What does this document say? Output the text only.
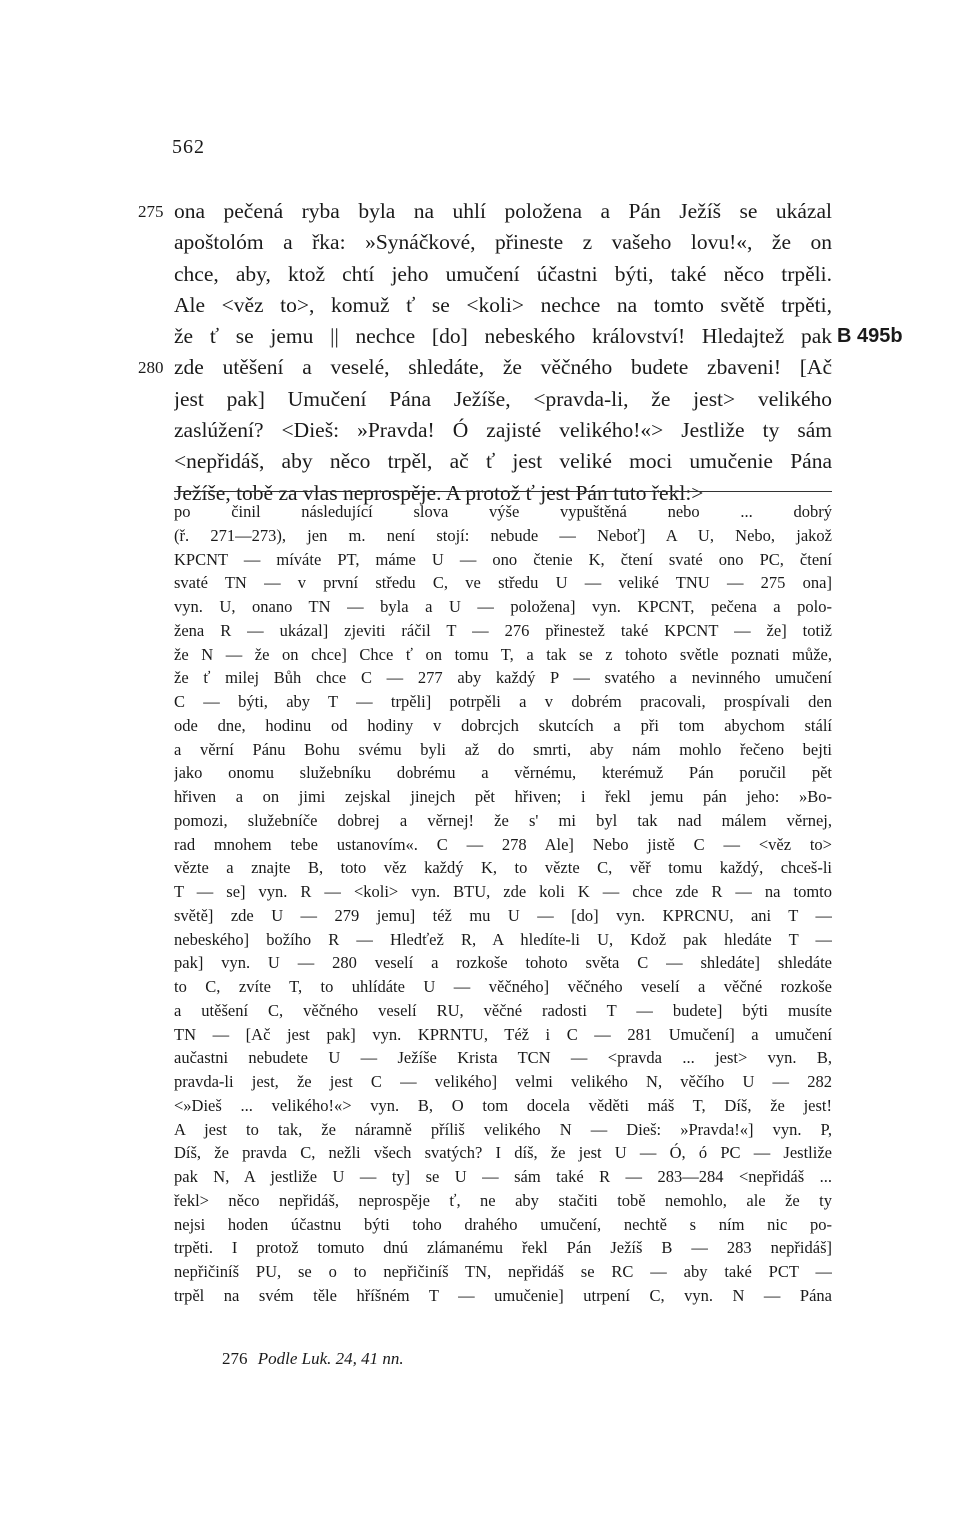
562
275 ona pečená ryba byla na uhlí položena a Pán Ježíš se ukázal
apoštolóm a řka: »Synáčkové, přineste z vašeho lovu!«, že on
chce, aby, ktož chtí jeho umučení účastni býti, také něco trpěli.
Ale <věz to>, komuž ť se <koli> nechce na tomto světě trpěti,
že ť se jemu || nechce [do] nebeského království! Hledajtež pak B 495b
280 zde utěšení a veselé, shledáte, že věčného budete zbaveni! [Ač
jest pak] Umučení Pána Ježíše, <pravda-li, že jest> velikého
zaslúžení? <Dieš: »Pravda! Ó zajisté velikého!«> Jestliže ty sám
<nepřidáš, aby něco trpěl, ač ť jest veliké moci umučenie Pána
Ježíše, tobě za vlas neprospěje. A protož ť jest Pán tuto řekl:>
po činil následující slova výše vypuštěná nebo ... dobrý
(ř. 271—273), jen m. není stojí: nebude — Neboť] A U, Nebo, jakož
KPCNT — míváte PT, máme U — ono čtenie K, čtení svaté ono PC, čtení
svaté TN — v první středu C, ve středu U — veliké TNU — 275 ona]
vyn. U, onano TN — byla a U — položena] vyn. KPCNT, pečena a polo-
žena R — ukázal] zjeviti ráčil T — 276 přinestež také KPCNT — že] totiž
že N — že on chce] Chce ť on tomu T, a tak se z tohoto světle poznati může,
že ť milej Bůh chce C — 277 aby každý P — svatého a nevinného umučení
C — býti, aby T — trpěli] potrpěli a v dobrém pracovali, prospívali den
ode dne, hodinu od hodiny v dobrcjch skutcích a při tom abychom stálí
a věrní Pánu Bohu svému byli až do smrti, aby nám mohlo řečeno bejti
jako onomu služebníku dobrému a věrnému, kterémuž Pán poručil pět
hřiven a on jimi zejskal jinejch pět hřiven; i řekl jemu pán jeho: »Bo-
pomozi, služebníče dobrej a věrnej! že s' mi byl tak nad málem věrnej,
rad mnohem tebe ustanovím«. C — 278 Ale] Nebo jistě C — <věz to>
vězte a znajte B, toto věz každý K, to vězte C, věř tomu každý, chceš-li
T — se] vyn. R — <koli> vyn. BTU, zde koli K — chce zde R — na tomto
světě] zde U — 279 jemu] též mu U — [do] vyn. KPRCNU, ani T —
nebeského] božího R — Hledťež R, A hledíte-li U, Kdož pak hledáte T —
pak] vyn. U — 280 veselí a rozkoše tohoto světa C — shledáte] shledáte
to C, zvíte T, to uhlídáte U — věčného] věčného veselí a věčné rozkoše
a utěšení C, věčného veselí RU, věčné radosti T — budete] býti musíte
TN — [Ač jest pak] vyn. KPRNTU, Též i C — 281 Umučení] a umučení
aučastni nebudete U — Ježíše Krista TCN — <pravda ... jest> vyn. B,
pravda-li jest, že jest C — velikého] velmi velikého N, věčího U — 282
<»Dieš ... velikého!«> vyn. B, O tom docela věděti máš T, Díš, že jest!
A jest to tak, že náramně příliš velikého N — Dieš: »Pravda!«] vyn. P,
Díš, že pravda C, nežli všech svatých? I díš, že jest U — Ó, ó PC — Jestliže
pak N, A jestliže U — ty] se U — sám také R — 283—284 <nepřidáš ...
řekl> něco nepřidáš, neprospěje ť, ne aby stačiti tobě nemohlo, ale že ty
nejsi hoden účastnu býti toho drahého umučení, nechtě s ním nic po-
trpěti. I protož tomuto dnú zlámanému řekl Pán Ježíš B — 283 nepřidáš]
nepřičiníš PU, se o to nepřičiníš TN, nepřidáš se RC — aby také PCT —
trpěl na svém těle hříšném T — umučenie] utrpení C, vyn. N — Pána
276 Podle Luk. 24, 41 nn.
